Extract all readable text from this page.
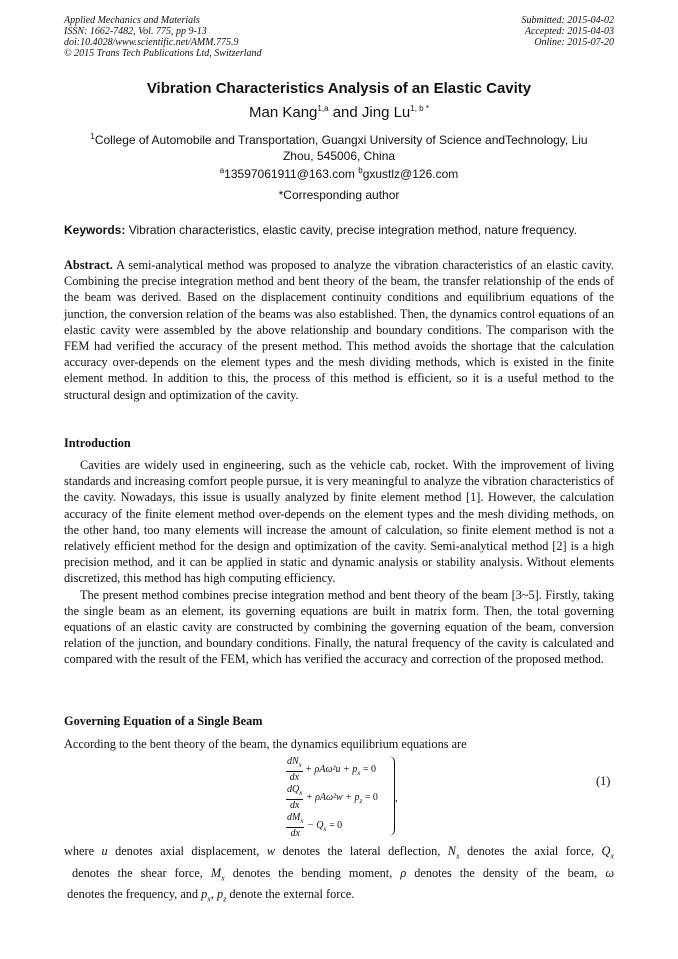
Applied Mechanics and Materials
ISSN: 1662-7482, Vol. 775, pp 9-13
doi:10.4028/www.scientific.net/AMM.775.9
© 2015 Trans Tech Publications Ltd, Switzerland
Submitted: 2015-04-02
Accepted: 2015-04-03
Online: 2015-07-20
Vibration Characteristics Analysis of an Elastic Cavity
Man Kang$^{1,a}$ and Jing $Lu^{1, b *}$
$^1$College of Automobile and Transportation, Guangxi University of Science andTechnology, Liu Zhou, 545006, China
$^a$13597061911@163.com $^b$gxustlz@126.com
*Corresponding author
Keywords: Vibration characteristics, elastic cavity, precise integration method, nature frequency.

Abstract. A semi-analytical method was proposed to analyze the vibration characteristics of an elastic cavity. Combining the precise integration method and bent theory of the beam, the transfer relationship of the ends of the beam was derived. Based on the displacement continuity conditions and equilibrium equations of the junction, the conversion relation of the beams was also established. Then, the dynamics control equations of an elastic cavity were assembled by the above relationship and boundary conditions. The comparison with the FEM had verified the accuracy of the present method. This method avoids the shortage that the calculation accuracy over-depends on the element types and the mesh dividing methods, which is existed in the finite element method. In addition to this, the process of this method is efficient, so it is a useful method to the structural design and optimization of the cavity.

Introduction

Cavities are widely used in engineering, such as the vehicle cab, rocket. With the improvement of living standards and increasing comfort people pursue, it is very meaningful to analyze the vibration characteristics of the cavity. Nowadays, this issue is usually analyzed by finite element method [1]. However, the calculation accuracy of the finite element method over-depends on the element types and the mesh dividing methods, on the other hand, too many elements will increase the amount of calculation, so finite element method is not a relatively efficient method for the design and optimization of the cavity. Semi-analytical method [2] is a high precision method, and it can be applied in static and dynamic analysis or stability analysis. Without elements discretized, this method has high computing efficiency.

The present method combines precise integration method and bent theory of the beam [3~5]. Firstly, taking the single beam as an element, its governing equations are built in matrix form. Then, the total governing equations of an elastic cavity are constructed by combining the governing equation of the beam, conversion relation of the junction, and boundary conditions. Finally, the natural frequency of the cavity is calculated and compared with the result of the FEM, which has verified the accuracy and correction of the proposed method.

Governing Equation of a Single Beam
According to the bent theory of the beam, the dynamics equilibrium equations are
$\frac{dN_x}{dx} + \rho A\omega^2u + p_x = 0$
$\frac{dQ_x}{dx} + \rho A\omega^2w + p_z = 0$
$\frac{dM_x}{dx} - Q_x = 0$
,
(1)

where u denotes axial displacement, w denotes the lateral deflection, $N_x$ denotes the axial force, $Q_x$ denotes the shear force, $M_x$ denotes the bending moment, ρ denotes the density of the beam, ω denotes the frequency, and $p_x$, $p_z$ denote the external force.
